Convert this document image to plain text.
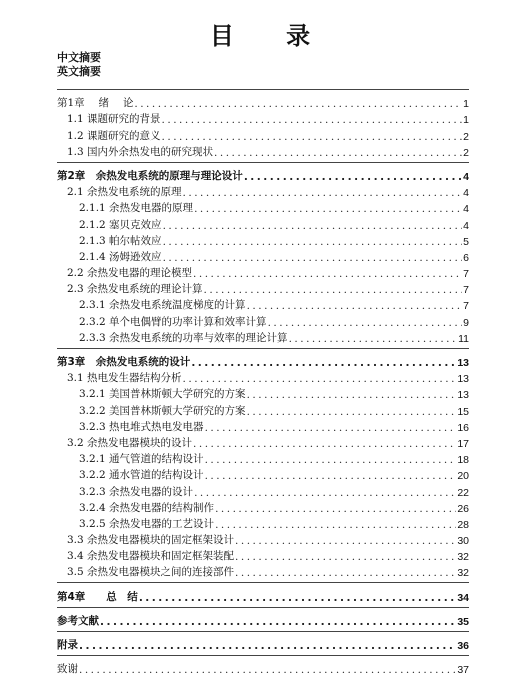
目 录
中文摘要
英文摘要
第1章　 绪　 论 .....	1
1.1 课题研究的背景 .....	1
1.2 课题研究的意义 .....	2
1.3 国内外余热发电的研究现状 .....	2
第2章　余热发电系统的原理与理论设计 .....	4
2.1 余热发电系统的原理 .....	4
2.1.1 余热发电器的原理 .....	4
2.1.2 塞贝克效应 .....	4
2.1.3 帕尔帖效应 .....	5
2.1.4 汤姆逊效应 .....	6
2.2 余热发电器的理论模型 .....	7
2.3 余热发电系统的理论计算 .....	7
2.3.1 余热发电系统温度梯度的计算 .....	7
2.3.2 单个电偶臂的功率计算和效率计算 .....	9
2.3.3 余热发电系统的功率与效率的理论计算 .....	11
第3章　余热发电系统的设计 .....	13
3.1 热电发生器结构分析 .....	13
3.2.1 美国普林斯顿大学研究的方案 .....	13
3.2.2 美国普林斯顿大学研究的方案 .....	15
3.2.3 热电堆式热电发电器 .....	16
3.2 余热发电器模块的设计 .....	17
3.2.1 通气管道的结构设计 .....	18
3.2.2 通水管道的结构设计 .....	20
3.2.3 余热发电器的设计 .....	22
3.2.4 余热发电器的结构制作 .....	26
3.2.5 余热发电器的工艺设计 .....	28
3.3 余热发电器模块的固定框架设计 .....	30
3.4 余热发电器模块和固定框架装配 .....	32
3.5 余热发电器模块之间的连接部件 .....	32
第4章　　总　结 .....	34
参考文献 .....	35
附录 .....	36
致谢 .....	37
